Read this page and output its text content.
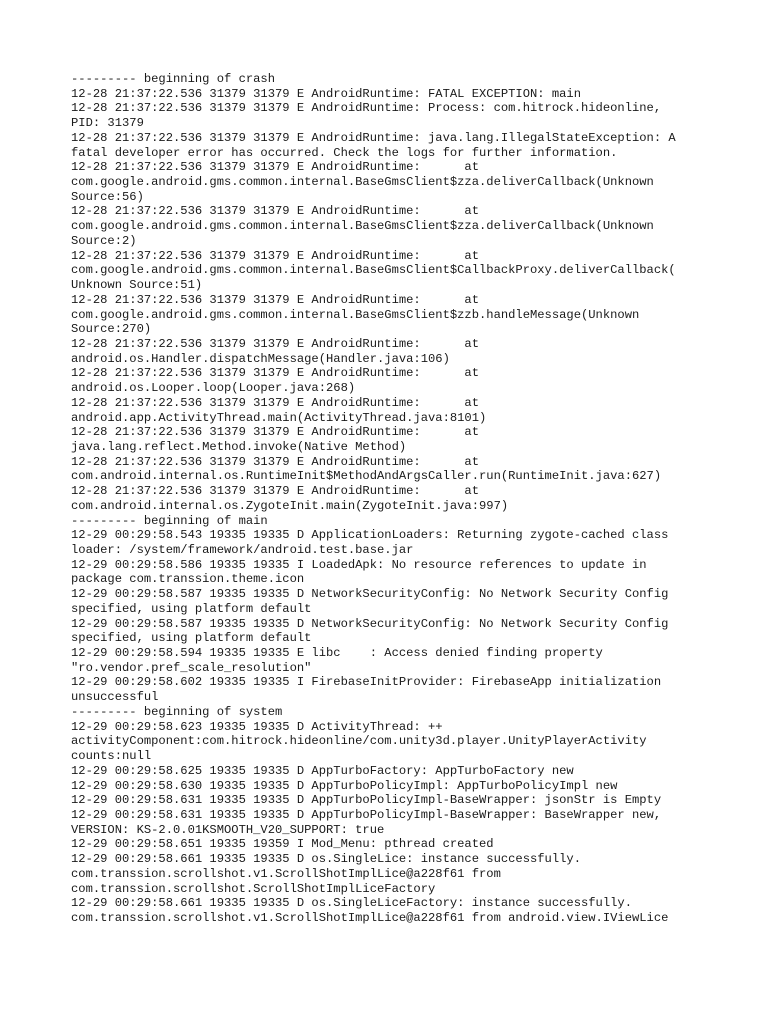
--------- beginning of crash
12-28 21:37:22.536 31379 31379 E AndroidRuntime: FATAL EXCEPTION: main
12-28 21:37:22.536 31379 31379 E AndroidRuntime: Process: com.hitrock.hideonline,
PID: 31379
12-28 21:37:22.536 31379 31379 E AndroidRuntime: java.lang.IllegalStateException: A
fatal developer error has occurred. Check the logs for further information.
12-28 21:37:22.536 31379 31379 E AndroidRuntime:      at
com.google.android.gms.common.internal.BaseGmsClient$zza.deliverCallback(Unknown
Source:56)
12-28 21:37:22.536 31379 31379 E AndroidRuntime:      at
com.google.android.gms.common.internal.BaseGmsClient$zza.deliverCallback(Unknown
Source:2)
12-28 21:37:22.536 31379 31379 E AndroidRuntime:      at
com.google.android.gms.common.internal.BaseGmsClient$CallbackProxy.deliverCallback(
Unknown Source:51)
12-28 21:37:22.536 31379 31379 E AndroidRuntime:      at
com.google.android.gms.common.internal.BaseGmsClient$zzb.handleMessage(Unknown
Source:270)
12-28 21:37:22.536 31379 31379 E AndroidRuntime:      at
android.os.Handler.dispatchMessage(Handler.java:106)
12-28 21:37:22.536 31379 31379 E AndroidRuntime:      at
android.os.Looper.loop(Looper.java:268)
12-28 21:37:22.536 31379 31379 E AndroidRuntime:      at
android.app.ActivityThread.main(ActivityThread.java:8101)
12-28 21:37:22.536 31379 31379 E AndroidRuntime:      at
java.lang.reflect.Method.invoke(Native Method)
12-28 21:37:22.536 31379 31379 E AndroidRuntime:      at
com.android.internal.os.RuntimeInit$MethodAndArgsCaller.run(RuntimeInit.java:627)
12-28 21:37:22.536 31379 31379 E AndroidRuntime:      at
com.android.internal.os.ZygoteInit.main(ZygoteInit.java:997)
--------- beginning of main
12-29 00:29:58.543 19335 19335 D ApplicationLoaders: Returning zygote-cached class
loader: /system/framework/android.test.base.jar
12-29 00:29:58.586 19335 19335 I LoadedApk: No resource references to update in
package com.transsion.theme.icon
12-29 00:29:58.587 19335 19335 D NetworkSecurityConfig: No Network Security Config
specified, using platform default
12-29 00:29:58.587 19335 19335 D NetworkSecurityConfig: No Network Security Config
specified, using platform default
12-29 00:29:58.594 19335 19335 E libc    : Access denied finding property
"ro.vendor.pref_scale_resolution"
12-29 00:29:58.602 19335 19335 I FirebaseInitProvider: FirebaseApp initialization
unsuccessful
--------- beginning of system
12-29 00:29:58.623 19335 19335 D ActivityThread: ++
activityComponent:com.hitrock.hideonline/com.unity3d.player.UnityPlayerActivity
counts:null
12-29 00:29:58.625 19335 19335 D AppTurboFactory: AppTurboFactory new
12-29 00:29:58.630 19335 19335 D AppTurboPolicyImpl: AppTurboPolicyImpl new
12-29 00:29:58.631 19335 19335 D AppTurboPolicyImpl-BaseWrapper: jsonStr is Empty
12-29 00:29:58.631 19335 19335 D AppTurboPolicyImpl-BaseWrapper: BaseWrapper new,
VERSION: KS-2.0.01KSMOOTH_V20_SUPPORT: true
12-29 00:29:58.651 19335 19359 I Mod_Menu: pthread created
12-29 00:29:58.661 19335 19335 D os.SingleLice: instance successfully.
com.transsion.scrollshot.v1.ScrollShotImplLice@a228f61 from
com.transsion.scrollshot.ScrollShotImplLiceFactory
12-29 00:29:58.661 19335 19335 D os.SingleLiceFactory: instance successfully.
com.transsion.scrollshot.v1.ScrollShotImplLice@a228f61 from android.view.IViewLice
